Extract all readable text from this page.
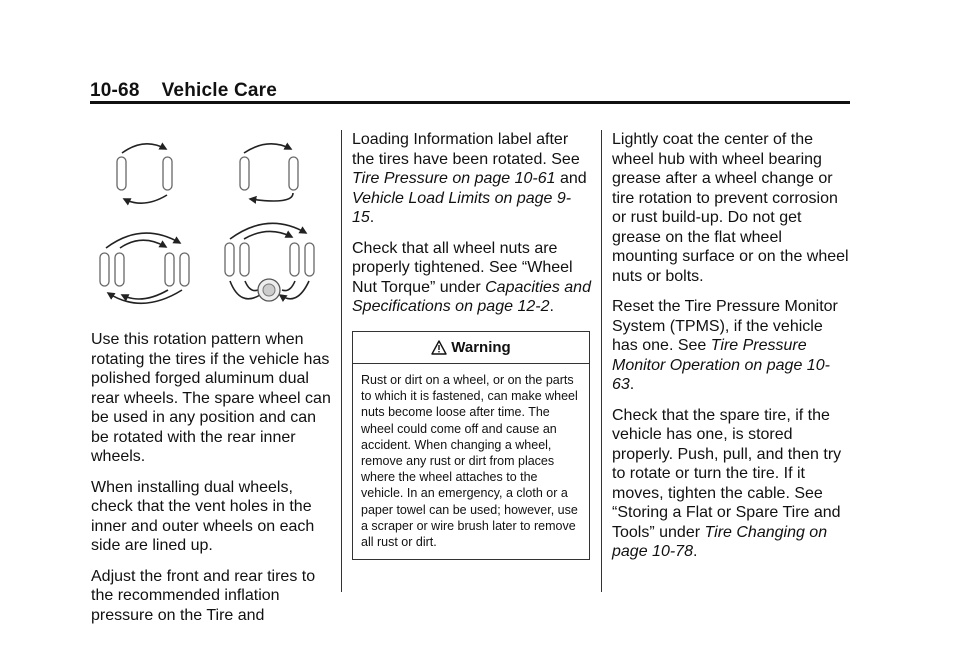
10-68 Vehicle Care

Use this rotation pattern when rotating the tires if the vehicle has polished forged aluminum dual rear wheels. The spare wheel can be used in any position and can be rotated with the rear inner wheels.

When installing dual wheels, check that the vent holes in the inner and outer wheels on each side are lined up.

Adjust the front and rear tires to the recommended inflation pressure on the Tire and

Loading Information label after the tires have been rotated. See Tire Pressure on page 10-61 and Vehicle Load Limits on page 9-15.

Check that all wheel nuts are properly tightened. See “Wheel Nut Torque” under Capacities and Specifications on page 12-2.

Warning
Rust or dirt on a wheel, or on the parts to which it is fastened, can make wheel nuts become loose after time. The wheel could come off and cause an accident. When changing a wheel, remove any rust or dirt from places where the wheel attaches to the vehicle. In an emergency, a cloth or a paper towel can be used; however, use a scraper or wire brush later to remove all rust or dirt.

Lightly coat the center of the wheel hub with wheel bearing grease after a wheel change or tire rotation to prevent corrosion or rust build-up. Do not get grease on the flat wheel mounting surface or on the wheel nuts or bolts.

Reset the Tire Pressure Monitor System (TPMS), if the vehicle has one. See Tire Pressure Monitor Operation on page 10-63.

Check that the spare tire, if the vehicle has one, is stored properly. Push, pull, and then try to rotate or turn the tire. If it moves, tighten the cable. See “Storing a Flat or Spare Tire and Tools” under Tire Changing on page 10-78.
